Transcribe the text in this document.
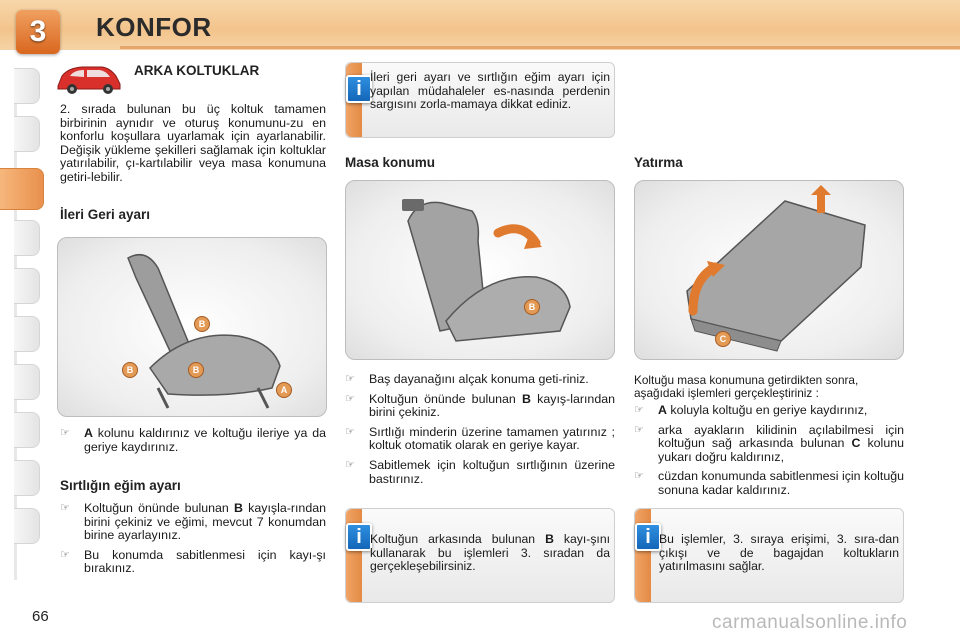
3 KONFOR
ARKA KOLTUKLAR
2. sırada bulunan bu üç koltuk tamamen birbirinin aynıdır ve oturuş konumunu-zu en konforlu koşullara uyarlamak için ayarlanabilir. Değişik yükleme şekilleri sağlamak için koltuklar yatırılabilir, çı-kartılabilir veya masa konumuna getiri-lebilir.
İleri Geri ayarı
B
B	B
A
☞ A kolunu kaldırınız ve koltuğu ileriye ya da geriye kaydırınız.
Sırtlığın eğim ayarı
☞ Koltuğun önünde bulunan B kayışla-rından birini çekiniz ve eğimi, mevcut 7 konumdan birine ayarlayınız.
☞ Bu konumda sabitlenmesi için kayı-şı bırakınız.
i
İleri geri ayarı ve sırtlığın eğim ayarı için yapılan müdahaleler es-nasında perdenin sargısını zorla-mamaya dikkat ediniz.
Masa konumu
B
☞ Baş dayanağını alçak konuma geti-riniz.
☞ Koltuğun önünde bulunan B kayış-larından birini çekiniz.
☞ Sırtlığı minderin üzerine tamamen yatırınız ; koltuk otomatik olarak en geriye kayar.
☞ Sabitlemek için koltuğun sırtlığının üzerine bastırınız.
i Koltuğun arkasında bulunan B kayı-şını kullanarak bu işlemleri 3. sıradan da gerçekleşebilirsiniz.
Yatırma
C
Koltuğu masa konumuna getirdikten sonra, aşağıdaki işlemleri gerçekleştiriniz :
☞ A koluyla koltuğu en geriye kaydırınız,
☞ arka ayakların kilidinin açılabilmesi için koltuğun sağ arkasında bulunan C kolunu yukarı doğru kaldırınız,
☞ cüzdan konumunda sabitlenmesi için koltuğu sonuna kadar kaldırınız.
i Bu işlemler, 3. sıraya erişimi, 3. sıra-dan çıkışı ve de bagajdan koltukların yatırılmasını sağlar.
66	carmanualsonline.info
